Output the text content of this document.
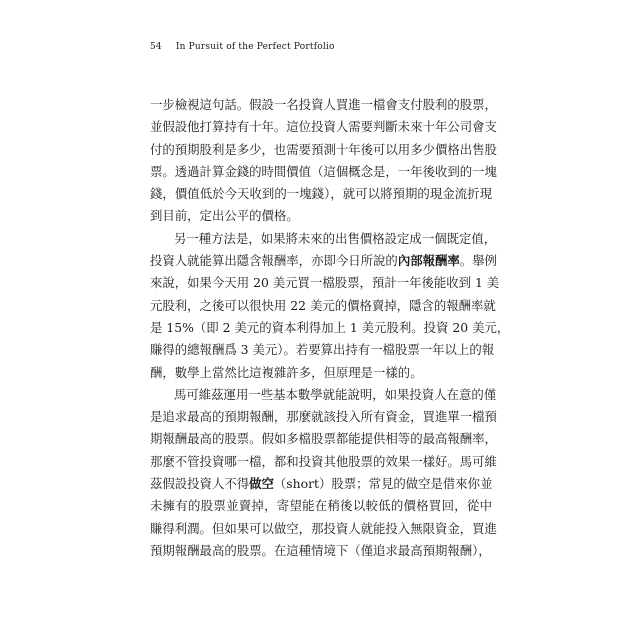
54 In Pursuit of the Perfect Portfolio
一步檢視這句話。假設一名投資人買進一檔會支付股利的股票，
並假設他打算持有十年。這位投資人需要判斷未來十年公司會支
付的預期股利是多少，也需要預測十年後可以用多少價格出售股
票。透過計算金錢的時間價值（這個概念是，一年後收到的一塊
錢，價值低於今天收到的一塊錢），就可以將預期的現金流折現
到目前，定出公平的價格。
另一種方法是，如果將未來的出售價格設定成一個既定值，
投資人就能算出隱含報酬率，亦即今日所說的內部報酬率。舉例
來說，如果今天用 20 美元買一檔股票，預計一年後能收到 1 美
元股利，之後可以很快用 22 美元的價格賣掉，隱含的報酬率就
是 15%（即 2 美元的資本利得加上 1 美元股利。投資 20 美元，
賺得的總報酬爲 3 美元）。若要算出持有一檔股票一年以上的報
酬，數學上當然比這複雜許多，但原理是一樣的。
馬可維茲運用一些基本數學就能說明，如果投資人在意的僅
是追求最高的預期報酬，那麼就該投入所有資金，買進單一檔預
期報酬最高的股票。假如多檔股票都能提供相等的最高報酬率，
那麼不管投資哪一檔，都和投資其他股票的效果一樣好。馬可維
茲假設投資人不得做空（short）股票；常見的做空是借來你並
未擁有的股票並賣掉，寄望能在稍後以較低的價格買回，從中
賺得利潤。但如果可以做空，那投資人就能投入無限資金，買進
預期報酬最高的股票。在這種情境下（僅追求最高預期報酬），
